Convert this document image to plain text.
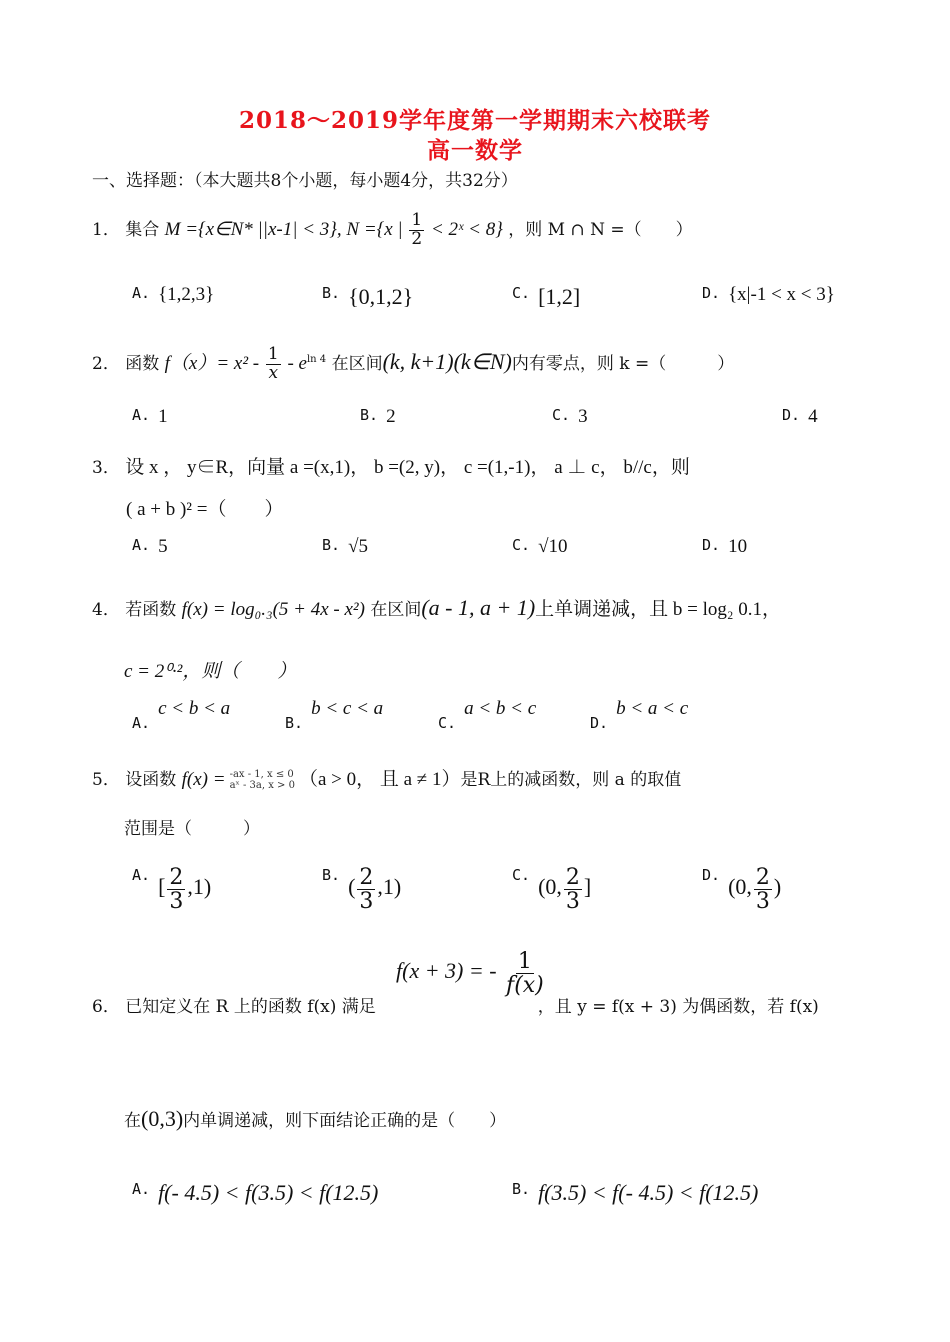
2018～2019学年度第一学期期末六校联考
高一数学
一、选择题：（本大题共8个小题，每小题4分，共32分）
1． 集合 M ={x∈N* ||x-1| < 3}, N ={x | $\frac{1}{2}$ < 2ˣ < 8} ，则 M ∩ N =（　　）
A. {1,2,3}	B. {0,1,2}	C. [1,2]	D. {x|-1 < x < 3}
2． 函数 $f(x)= x^2 - \frac{1}{x} - e^{ln 4}$ 在区间(k, k+1)(k∈N)内有零点，则 k =（　　　）
A. 1	B. 2	C. 3	D. 4
3． 设 x ， y∈R，向量 a =(x,1)， b =(2, y)， c =(1,-1)， a ⊥ c， b//c，则
( a + b )² =（　　）
A. 5	B. √5	C. √10	D. 10
4． 若函数 f(x) = log₀.₃(5 + 4x - x²) 在区间(a - 1, a + 1)上单调递减，且 b = log₂ 0.1，
c = 2⁰·²，则（　　）
A.c < b < a
B.b < c < a
C.a < b < c
D.b < a < c
5． 设函数 f(x) = -ax - 1, x ≤ 0
aˣ - 3a, x > 0 （a > 0， 且 a ≠ 1）是R上的减函数，则 a 的取值
范围是（　　　）
A. [ $\frac{2}{3} ,1$)	B. ( $\frac{2}{3} ,1$)	C. (0, $\frac{2}{3}$ ]	D. (0, $\frac{2}{3}$ )
f(x + 3) = - $\frac{1}{f(x)}$
6． 已知定义在 R 上的函数 f(x) 满足	，且 y = f(x + 3) 为偶函数，若 f(x)
在(0,3)内单调递减，则下面结论正确的是（　　）
A. f(- 4.5) < f(3.5) < f(12.5)	B. f(3.5) < f(- 4.5) < f(12.5)
